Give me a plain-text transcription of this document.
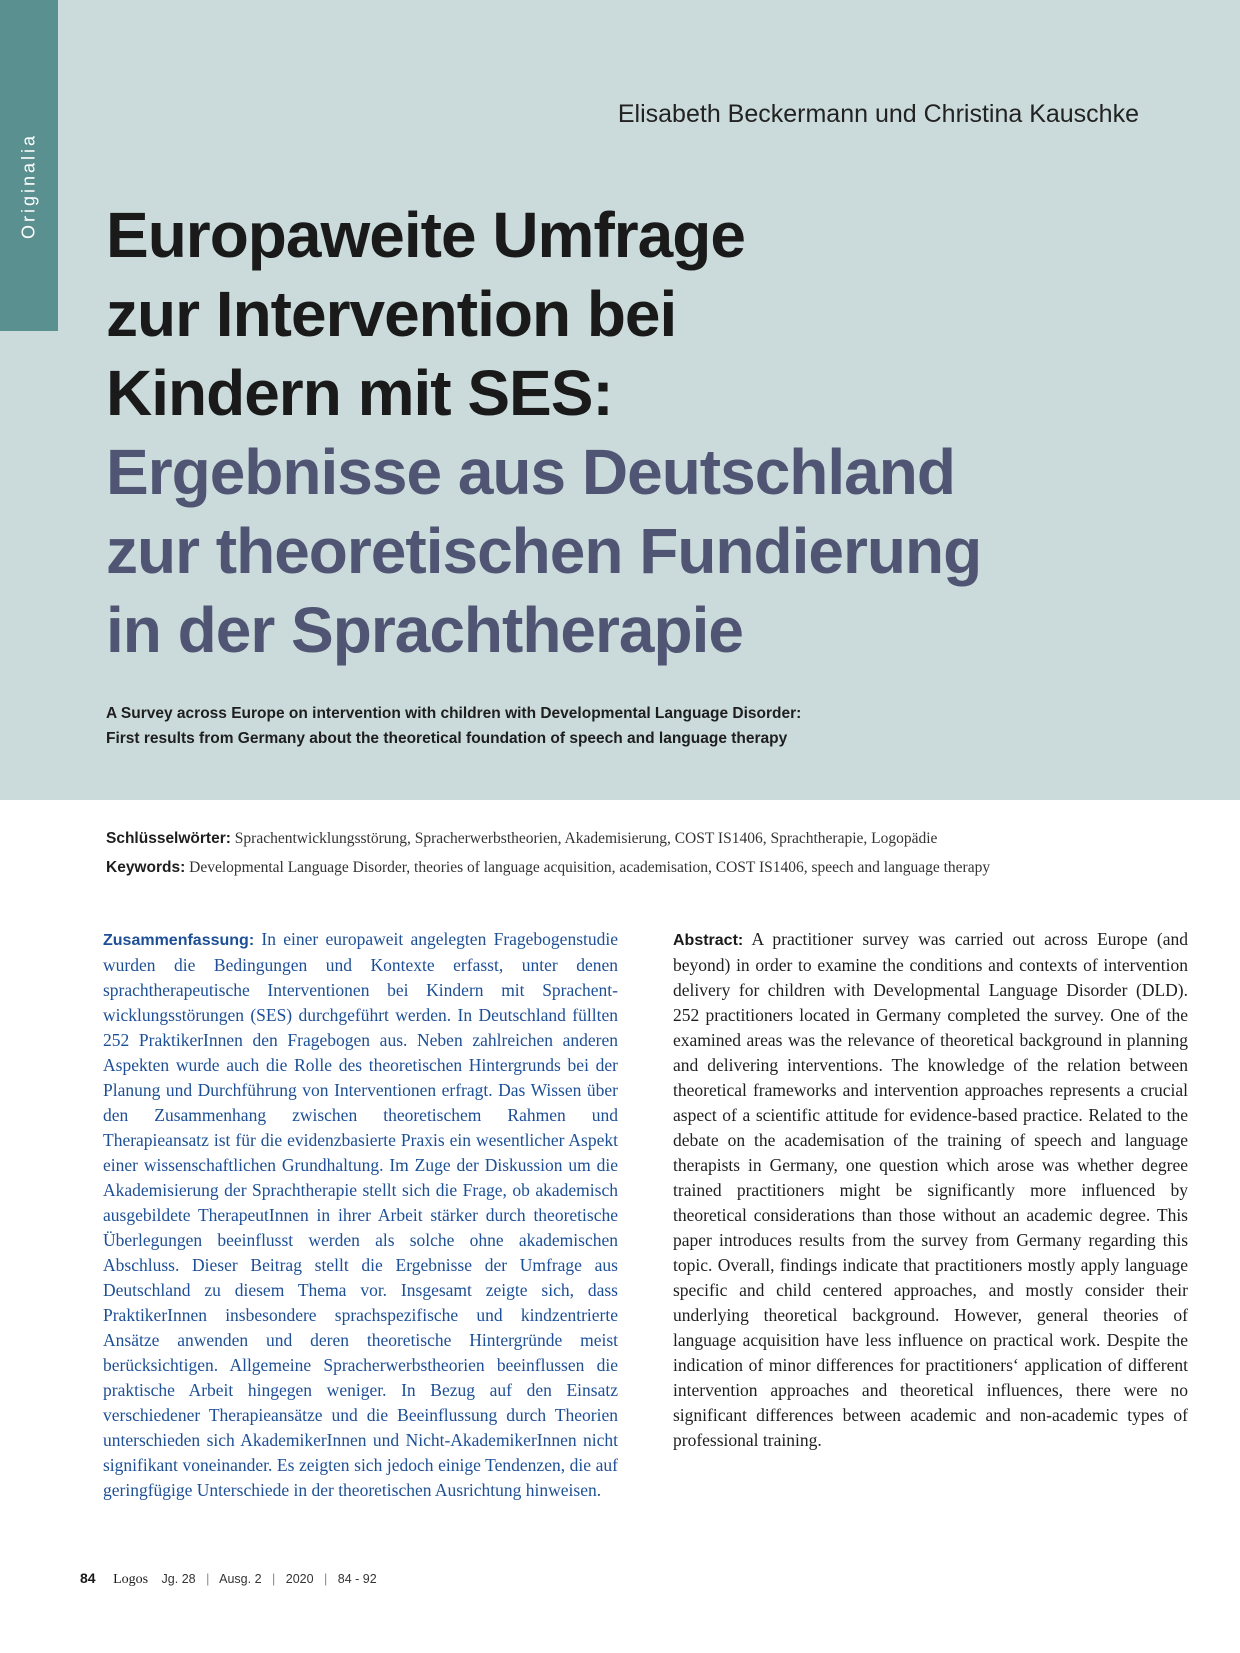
Originalia
Elisabeth Beckermann und Christina Kauschke
Europaweite Umfrage
zur Intervention bei
Kindern mit SES:
Ergebnisse aus Deutschland
zur theoretischen Fundierung
in der Sprachtherapie

A Survey across Europe on intervention with children with Developmental Language Disorder:
First results from Germany about the theoretical foundation of speech and language therapy

Schlüsselwörter: Sprachentwicklungsstörung, Spracherwerbstheorien, Akademisierung, COST IS1406, Sprachtherapie, Logopädie
Keywords: Developmental Language Disorder, theories of language acquisition, academisation, COST IS1406, speech and language therapy

Zusammenfassung: In einer europaweit angelegten Fragebogenstudie wurden die Bedingungen und Kontexte erfasst, unter denen sprachtherapeutische Interventionen bei Kindern mit Sprachentwicklungsstörungen (SES) durchgeführt werden. In Deutschland füllten 252 PraktikerInnen den Fragebogen aus. Neben zahlreichen anderen Aspekten wurde auch die Rolle des theoretischen Hintergrunds bei der Planung und Durchführung von Interventionen erfragt. Das Wissen über den Zusammenhang zwischen theoretischem Rahmen und Therapieansatz ist für die evidenzbasierte Praxis ein wesentlicher Aspekt einer wissenschaftlichen Grundhaltung. Im Zuge der Diskussion um die Akademisierung der Sprachtherapie stellt sich die Frage, ob akademisch ausgebildete TherapeutInnen in ihrer Arbeit stärker durch theoretische Überlegungen beeinflusst werden als solche ohne akademischen Abschluss. Dieser Beitrag stellt die Ergebnisse der Umfrage aus Deutschland zu diesem Thema vor. Insgesamt zeigte sich, dass PraktikerInnen insbesondere sprachspezifische und kindzentrierte Ansätze anwenden und deren theoretische Hintergründe meist berücksichtigen. Allgemeine Spracherwerbstheorien beeinflussen die praktische Arbeit hingegen weniger. In Bezug auf den Einsatz verschiedener Therapieansätze und die Beeinflussung durch Theorien unterschieden sich AkademikerInnen und Nicht-AkademikerInnen nicht signifikant voneinander. Es zeigten sich jedoch einige Tendenzen, die auf geringfügige Unterschiede in der theoretischen Ausrichtung hinweisen.

Abstract: A practitioner survey was carried out across Europe (and beyond) in order to examine the conditions and contexts of intervention delivery for children with Developmental Language Disorder (DLD). 252 practitioners located in Germany completed the survey. One of the examined areas was the relevance of theoretical background in planning and delivering interventions. The knowledge of the relation between theoretical frameworks and intervention approaches represents a crucial aspect of a scientific attitude for evidence-based practice. Related to the debate on the academisation of the training of speech and language therapists in Germany, one question which arose was whether degree trained practitioners might be significantly more influenced by theoretical considerations than those without an academic degree. This paper introduces results from the survey from Germany regarding this topic. Overall, findings indicate that practitioners mostly apply language specific and child centered approaches, and mostly consider their underlying theoretical background. However, general theories of language acquisition have less influence on practical work. Despite the indication of minor differences for practitioners‘ application of different intervention approaches and theoretical influences, there were no significant differences between academic and non-academic types of professional training.

84 Logos Jg. 28 | Ausg. 2 | 2020 | 84 - 92
